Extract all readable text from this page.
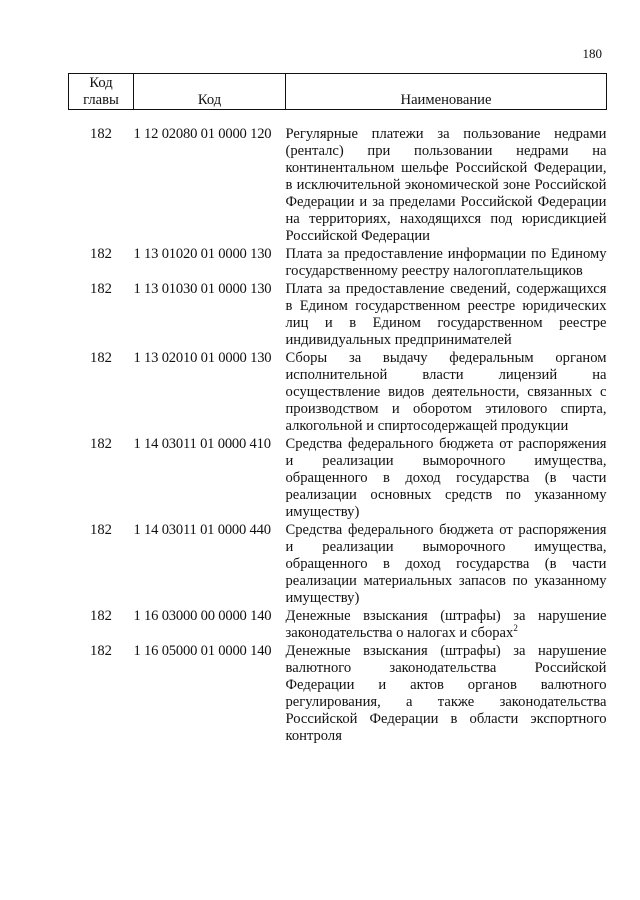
180
Код главы	Код	Наименование
182	1 12 02080 01 0000 120	Регулярные платежи за пользование недрами (ренталс) при пользовании недрами на континентальном шельфе Российской Федерации, в исключительной экономической зоне Российской Федерации и за пределами Российской Федерации на территориях, находящихся под юрисдикцией Российской Федерации
182	1 13 01020 01 0000 130	Плата за предоставление информации по Единому государственному реестру налогоплательщиков
182	1 13 01030 01 0000 130	Плата за предоставление сведений, содержащихся в Едином государственном реестре юридических лиц и в Едином государственном реестре индивидуальных предпринимателей
182	1 13 02010 01 0000 130	Сборы за выдачу федеральным органом исполнительной власти лицензий на осуществление видов деятельности, связанных с производством и оборотом этилового спирта, алкогольной и спиртосодержащей продукции
182	1 14 03011 01 0000 410	Средства федерального бюджета от распоряжения и реализации выморочного имущества, обращенного в доход государства (в части реализации основных средств по указанному имуществу)
182	1 14 03011 01 0000 440	Средства федерального бюджета от распоряжения и реализации выморочного имущества, обращенного в доход государства (в части реализации материальных запасов по указанному имуществу)
182	1 16 03000 00 0000 140	Денежные взыскания (штрафы) за нарушение законодательства о налогах и сборах$^2$
182	1 16 05000 01 0000 140	Денежные взыскания (штрафы) за нарушение валютного законодательства Российской Федерации и актов органов валютного регулирования, а также законодательства Российской Федерации в области экспортного контроля
